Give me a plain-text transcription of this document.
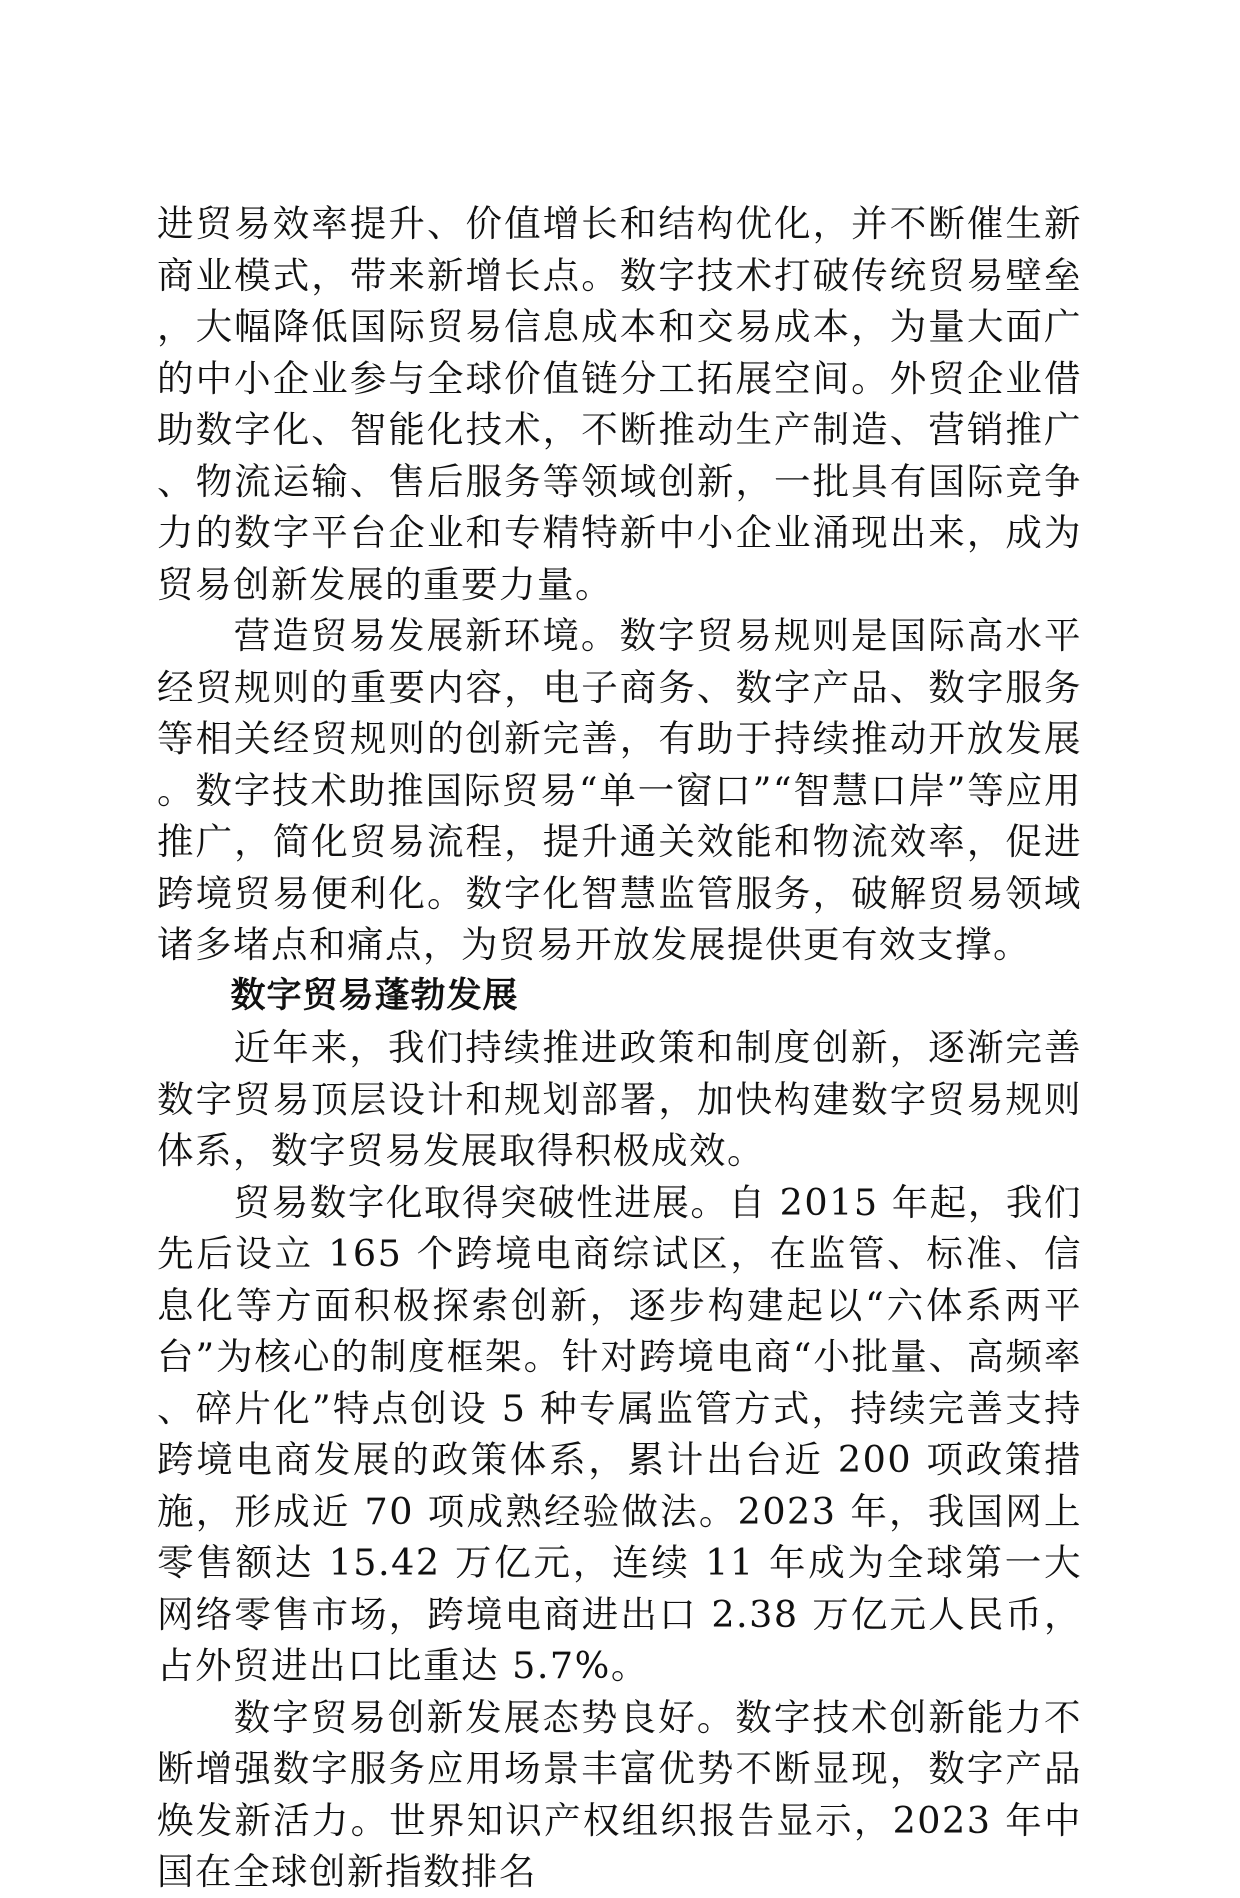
进贸易效率提升、价值增长和结构优化，并不断催生新商业模式，带来新增长点。数字技术打破传统贸易壁垒，大幅降低国际贸易信息成本和交易成本，为量大面广的中小企业参与全球价值链分工拓展空间。外贸企业借助数字化、智能化技术，不断推动生产制造、营销推广、物流运输、售后服务等领域创新，一批具有国际竞争力的数字平台企业和专精特新中小企业涌现出来，成为贸易创新发展的重要力量。

营造贸易发展新环境。数字贸易规则是国际高水平经贸规则的重要内容，电子商务、数字产品、数字服务等相关经贸规则的创新完善，有助于持续推动开放发展。数字技术助推国际贸易“单一窗口”“智慧口岸”等应用推广，简化贸易流程，提升通关效能和物流效率，促进跨境贸易便利化。数字化智慧监管服务，破解贸易领域诸多堵点和痛点，为贸易开放发展提供更有效支撑。

数字贸易蓬勃发展

近年来，我们持续推进政策和制度创新，逐渐完善数字贸易顶层设计和规划部署，加快构建数字贸易规则体系，数字贸易发展取得积极成效。

贸易数字化取得突破性进展。自 2015 年起，我们先后设立 165 个跨境电商综试区，在监管、标准、信息化等方面积极探索创新，逐步构建起以“六体系两平台”为核心的制度框架。针对跨境电商“小批量、高频率、碎片化”特点创设 5 种专属监管方式，持续完善支持跨境电商发展的政策体系，累计出台近 200 项政策措施，形成近 70 项成熟经验做法。2023 年，我国网上零售额达 15.42 万亿元，连续 11 年成为全球第一大网络零售市场，跨境电商进出口 2.38 万亿元人民币，占外贸进出口比重达 5.7%。

数字贸易创新发展态势良好。数字技术创新能力不断增强数字服务应用场景丰富优势不断显现，数字产品焕发新活力。世界知识产权组织报告显示，2023 年中国在全球创新指数排名
